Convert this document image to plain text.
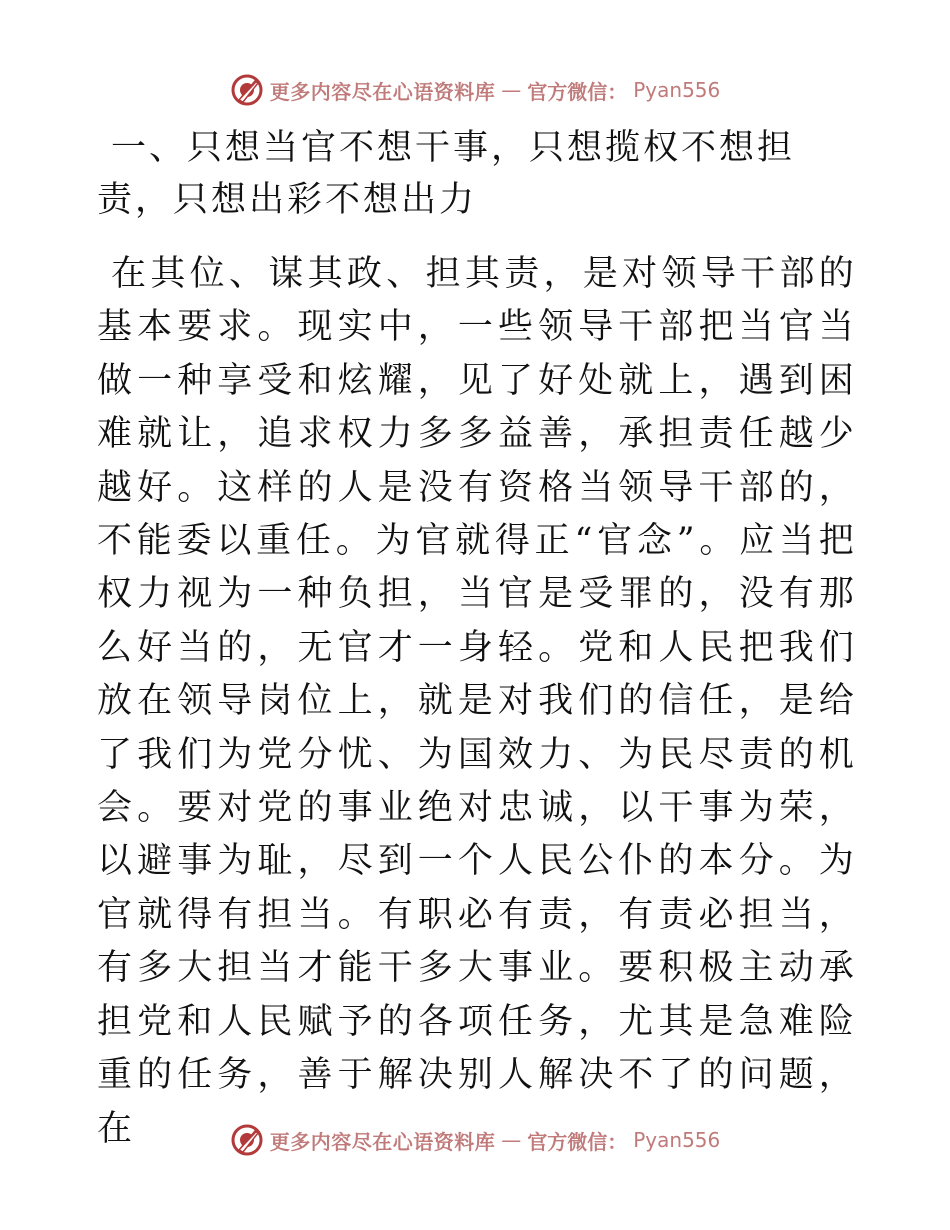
更多内容尽在心语资料库 — 官方微信： Pyan556
一、只想当官不想干事，只想揽权不想担责，只想出彩不想出力

在其位、谋其政、担其责，是对领导干部的基本要求。现实中，一些领导干部把当官当做一种享受和炫耀，见了好处就上，遇到困难就让，追求权力多多益善，承担责任越少越好。这样的人是没有资格当领导干部的，不能委以重任。为官就得正“官念”。应当把权力视为一种负担，当官是受罪的，没有那么好当的，无官才一身轻。党和人民把我们放在领导岗位上，就是对我们的信任，是给了我们为党分忧、为国效力、为民尽责的机会。要对党的事业绝对忠诚，以干事为荣，以避事为耻，尽到一个人民公仆的本分。为官就得有担当。有职必有责，有责必担当，有多大担当才能干多大事业。要积极主动承担党和人民赋予的各项任务，尤其是急难险重的任务，善于解决别人解决不了的问题，在	更多内容尽在心语资料库 — 官方微信： Pyan556
